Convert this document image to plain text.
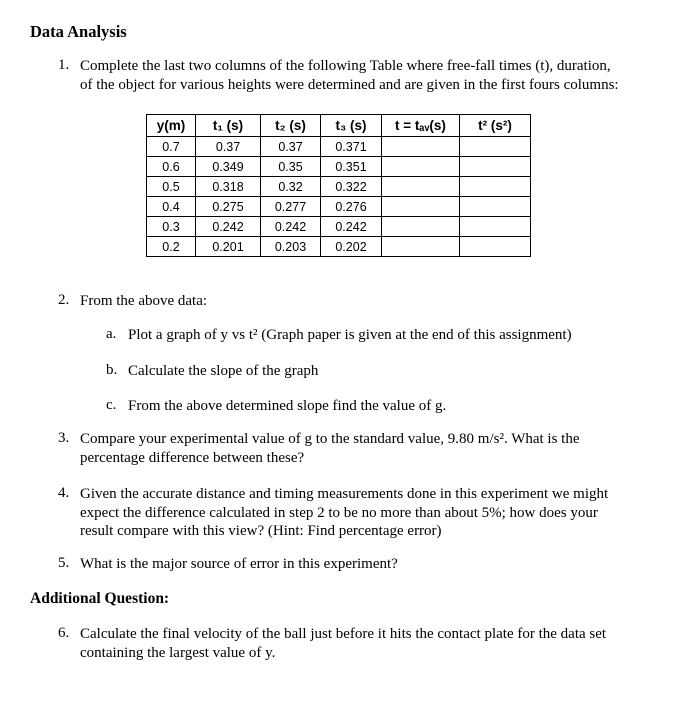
Data Analysis
1. Complete the last two columns of the following Table where free-fall times (t), duration,
of the object for various heights were determined and are given in the first fours columns:
y(m)	t₁ (s)	t₂ (s)	t₃ (s)	t = tₐᵥ(s)	t² (s²)
0.7	0.37	0.37	0.371		
0.6	0.349	0.35	0.351		
0.5	0.318	0.32	0.322		
0.4	0.275	0.277	0.276		
0.3	0.242	0.242	0.242		
0.2	0.201	0.203	0.202		
2. From the above data:
a. Plot a graph of y vs t² (Graph paper is given at the end of this assignment)
b. Calculate the slope of the graph
c. From the above determined slope find the value of g.
3. Compare your experimental value of g to the standard value, 9.80 m/s². What is the
percentage difference between these?
4. Given the accurate distance and timing measurements done in this experiment we might
expect the difference calculated in step 2 to be no more than about 5%; how does your
result compare with this view? (Hint: Find percentage error)
5. What is the major source of error in this experiment?
Additional Question:
6. Calculate the final velocity of the ball just before it hits the contact plate for the data set
containing the largest value of y.
